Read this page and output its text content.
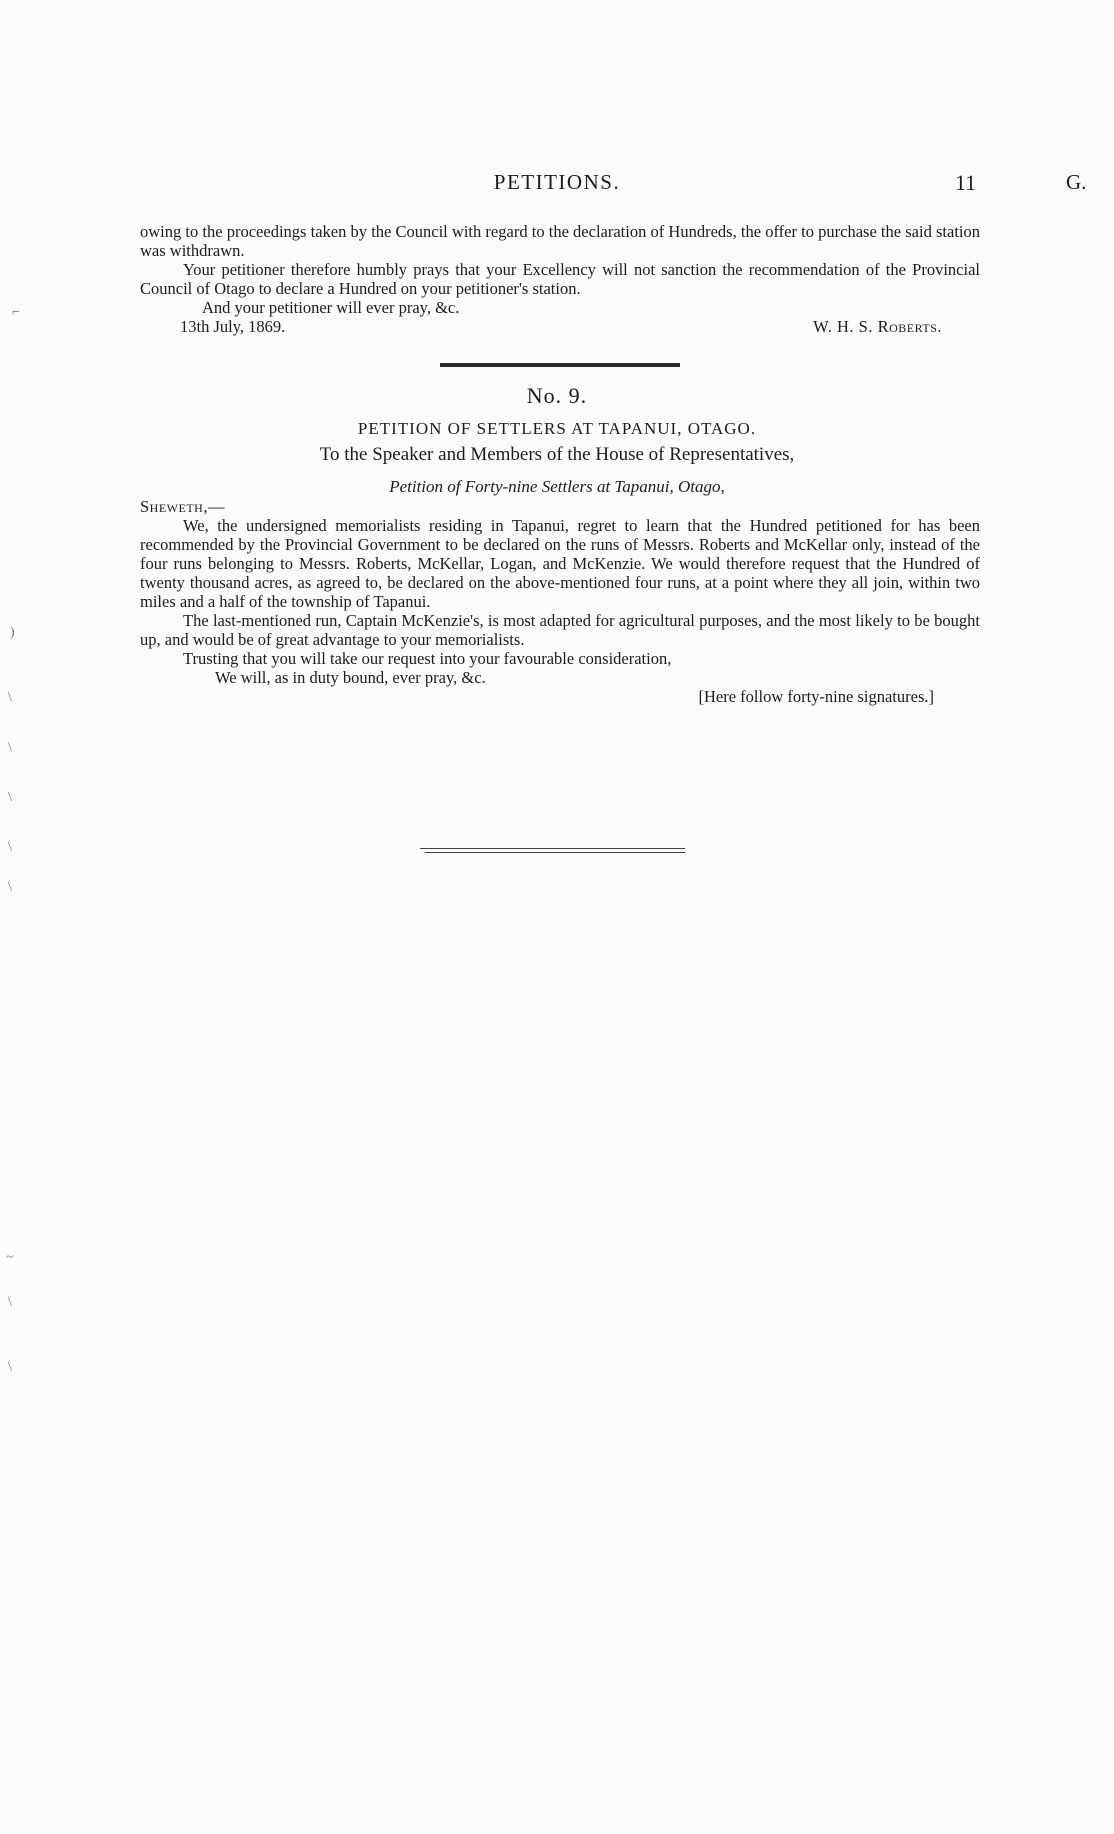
PETITIONS.	11	G.

owing to the proceedings taken by the Council with regard to the declaration of Hundreds, the offer to purchase the said station was withdrawn.

Your petitioner therefore humbly prays that your Excellency will not sanction the recommendation of the Provincial Council of Otago to declare a Hundred on your petitioner's station.

And your petitioner will ever pray, &c.

13th July, 1869.	W. H. S. Roberts.
No. 9.
PETITION OF SETTLERS AT TAPANUI, OTAGO.
To the Speaker and Members of the House of Representatives,
Petition of Forty-nine Settlers at Tapanui, Otago,

Sheweth,—

We, the undersigned memorialists residing in Tapanui, regret to learn that the Hundred petitioned for has been recommended by the Provincial Government to be declared on the runs of Messrs. Roberts and McKellar only, instead of the four runs belonging to Messrs. Roberts, McKellar, Logan, and McKenzie. We would therefore request that the Hundred of twenty thousand acres, as agreed to, be declared on the above-mentioned four runs, at a point where they all join, within two miles and a half of the township of Tapanui.

The last-mentioned run, Captain McKenzie's, is most adapted for agricultural purposes, and the most likely to be bought up, and would be of great advantage to your memorialists.

Trusting that you will take our request into your favourable consideration,

We will, as in duty bound, ever pray, &c.

[Here follow forty-nine signatures.]
⌐
)
\
\
\
\
\
~
\
\
